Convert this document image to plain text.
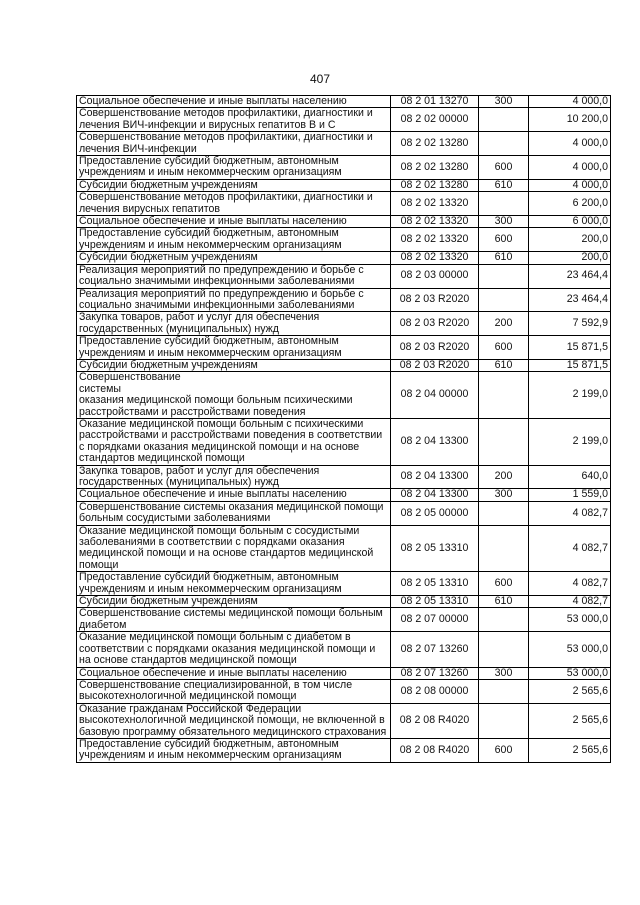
407
Социальное обеспечение и иные выплаты населению	08 2 01 13270	300	4 000,0
Совершенствование методов профилактики, диагностики и лечения ВИЧ-инфекции и вирусных гепатитов В и С	08 2 02 00000		10 200,0
Совершенствование методов профилактики, диагностики и лечения ВИЧ-инфекции	08 2 02 13280		4 000,0
Предоставление субсидий бюджетным, автономным учреждениям и иным некоммерческим организациям	08 2 02 13280	600	4 000,0
Субсидии бюджетным учреждениям	08 2 02 13280	610	4 000,0
Совершенствование методов профилактики, диагностики и лечения вирусных гепатитов	08 2 02 13320		6 200,0
Социальное обеспечение и иные выплаты населению	08 2 02 13320	300	6 000,0
Предоставление субсидий бюджетным, автономным учреждениям и иным некоммерческим организациям	08 2 02 13320	600	200,0
Субсидии бюджетным учреждениям	08 2 02 13320	610	200,0
Реализация мероприятий по предупреждению и борьбе с социально значимыми инфекционными заболеваниями	08 2 03 00000		23 464,4
Реализация мероприятий по предупреждению и борьбе с социально значимыми инфекционными заболеваниями	08 2 03 R2020		23 464,4
Закупка товаров, работ и услуг для обеспечения государственных (муниципальных) нужд	08 2 03 R2020	200	7 592,9
Предоставление субсидий бюджетным, автономным учреждениям и иным некоммерческим организациям	08 2 03 R2020	600	15 871,5
Субсидии бюджетным учреждениям	08 2 03 R2020	610	15 871,5
Совершенствование
системы
оказания медицинской помощи больным психическими расстройствами и расстройствами поведения	08 2 04 00000		2 199,0
Оказание медицинской помощи больным с психическими расстройствами и расстройствами поведения в соответствии с порядками оказания медицинской помощи и на основе стандартов медицинской помощи	08 2 04 13300		2 199,0
Закупка товаров, работ и услуг для обеспечения государственных (муниципальных) нужд	08 2 04 13300	200	640,0
Социальное обеспечение и иные выплаты населению	08 2 04 13300	300	1 559,0
Совершенствование системы оказания медицинской помощи больным сосудистыми заболеваниями	08 2 05 00000		4 082,7
Оказание медицинской помощи больным с сосудистыми заболеваниями в соответствии с порядками оказания медицинской помощи и на основе стандартов медицинской помощи	08 2 05 13310		4 082,7
Предоставление субсидий бюджетным, автономным учреждениям и иным некоммерческим организациям	08 2 05 13310	600	4 082,7
Субсидии бюджетным учреждениям	08 2 05 13310	610	4 082,7
Совершенствование системы медицинской помощи больным диабетом	08 2 07 00000		53 000,0
Оказание медицинской помощи больным с диабетом в соответствии с порядками оказания медицинской помощи и на основе стандартов медицинской помощи	08 2 07 13260		53 000,0
Социальное обеспечение и иные выплаты населению	08 2 07 13260	300	53 000,0
Совершенствование специализированной, в том числе высокотехнологичной медицинской помощи	08 2 08 00000		2 565,6
Оказание гражданам Российской Федерации высокотехнологичной медицинской помощи, не включенной в базовую программу обязательного медицинского страхования	08 2 08 R4020		2 565,6
Предоставление субсидий бюджетным, автономным учреждениям и иным некоммерческим организациям	08 2 08 R4020	600	2 565,6
